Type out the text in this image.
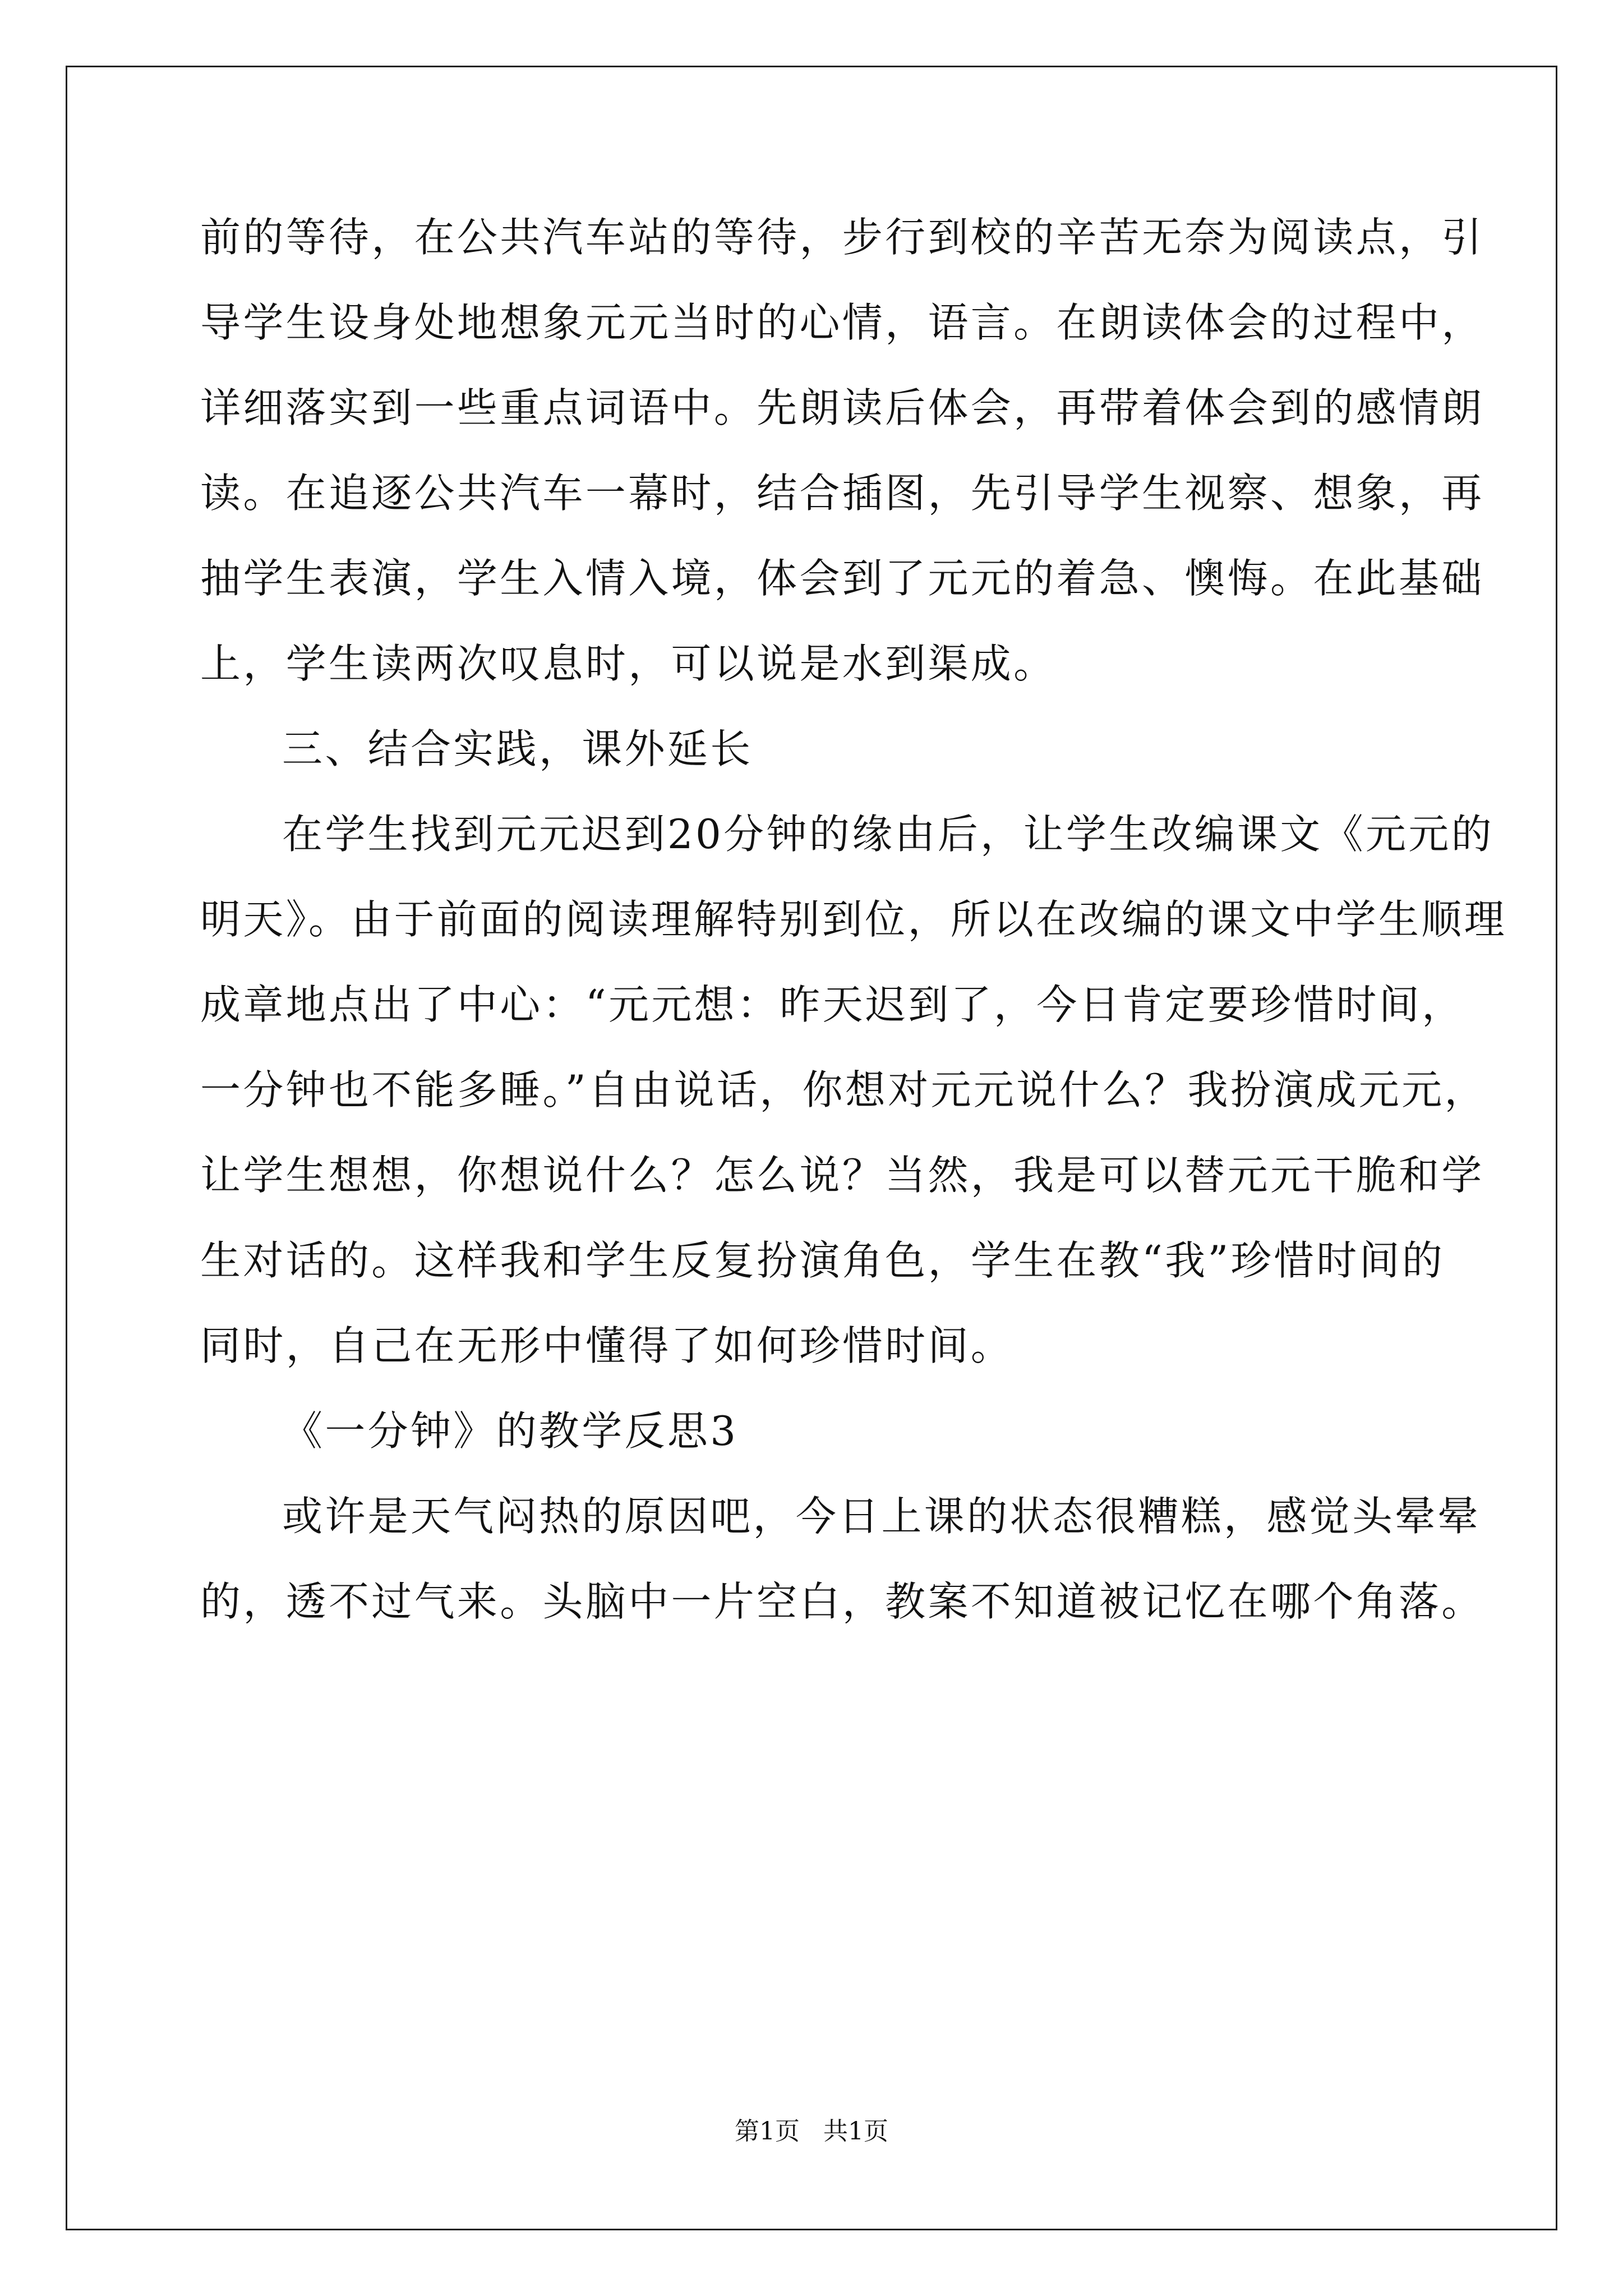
前的等待，在公共汽车站的等待，步行到校的辛苦无奈为阅读点，引
导学生设身处地想象元元当时的心情，语言。在朗读体会的过程中，
详细落实到一些重点词语中。先朗读后体会，再带着体会到的感情朗
读。在追逐公共汽车一幕时，结合插图，先引导学生视察、想象，再
抽学生表演，学生入情入境，体会到了元元的着急、懊悔。在此基础
上，学生读两次叹息时，可以说是水到渠成。
三、结合实践，课外延长
在学生找到元元迟到20分钟的缘由后，让学生改编课文《元元的
明天》。由于前面的阅读理解特别到位，所以在改编的课文中学生顺理
成章地点出了中心：“元元想：昨天迟到了，今日肯定要珍惜时间，
一分钟也不能多睡。”自由说话，你想对元元说什么？我扮演成元元，
让学生想想，你想说什么？怎么说？当然，我是可以替元元干脆和学
生对话的。这样我和学生反复扮演角色，学生在教“我”珍惜时间的
同时，自己在无形中懂得了如何珍惜时间。
《一分钟》的教学反思3
或许是天气闷热的原因吧，今日上课的状态很糟糕，感觉头晕晕
的，透不过气来。头脑中一片空白，教案不知道被记忆在哪个角落。
第1页   共1页
